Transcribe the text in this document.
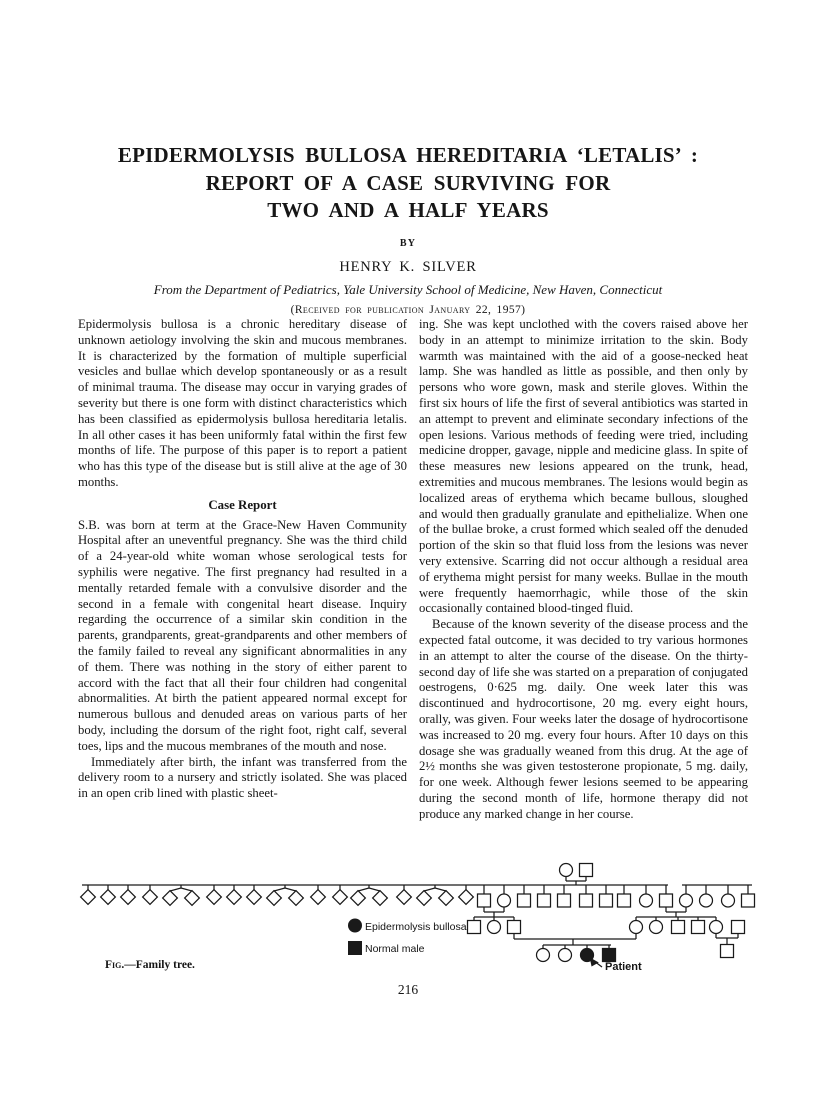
EPIDERMOLYSIS BULLOSA HEREDITARIA ‘LETALIS’ :
REPORT OF A CASE SURVIVING FOR
TWO AND A HALF YEARS
BY
HENRY K. SILVER
From the Department of Pediatrics, Yale University School of Medicine, New Haven, Connecticut
(Received for publication January 22, 1957)

Epidermolysis bullosa is a chronic hereditary disease of unknown aetiology involving the skin and mucous membranes. It is characterized by the formation of multiple superficial vesicles and bullae which develop spontaneously or as a result of minimal trauma. The disease may occur in varying grades of severity but there is one form with distinct characteristics which has been classified as epidermolysis bullosa hereditaria letalis. In all other cases it has been uniformly fatal within the first few months of life. The purpose of this paper is to report a patient who has this type of the disease but is still alive at the age of 30 months.

Case Report

S.B. was born at term at the Grace-New Haven Community Hospital after an uneventful pregnancy. She was the third child of a 24-year-old white woman whose serological tests for syphilis were negative. The first pregnancy had resulted in a mentally retarded female with a convulsive disorder and the second in a female with congenital heart disease. Inquiry regarding the occurrence of a similar skin condition in the parents, grandparents, great-grandparents and other members of the family failed to reveal any significant abnormalities in any of them. There was nothing in the story of either parent to accord with the fact that all their four children had congenital abnormalities. At birth the patient appeared normal except for numerous bullous and denuded areas on various parts of her body, including the dorsum of the right foot, right calf, several toes, lips and the mucous membranes of the mouth and nose.

Immediately after birth, the infant was transferred from the delivery room to a nursery and strictly isolated. She was placed in an open crib lined with plastic sheet-

ing. She was kept unclothed with the covers raised above her body in an attempt to minimize irritation to the skin. Body warmth was maintained with the aid of a goose-necked heat lamp. She was handled as little as possible, and then only by persons who wore gown, mask and sterile gloves. Within the first six hours of life the first of several antibiotics was started in an attempt to prevent and eliminate secondary infections of the open lesions. Various methods of feeding were tried, including medicine dropper, gavage, nipple and medicine glass. In spite of these measures new lesions appeared on the trunk, head, extremities and mucous membranes. The lesions would begin as localized areas of erythema which became bullous, sloughed and would then gradually granulate and epithelialize. When one of the bullae broke, a crust formed which sealed off the denuded portion of the skin so that fluid loss from the lesions was never very extensive. Scarring did not occur although a residual area of erythema might persist for many weeks. Bullae in the mouth were frequently haemorrhagic, while those of the skin occasionally contained blood-tinged fluid.

Because of the known severity of the disease process and the expected fatal outcome, it was decided to try various hormones in an attempt to alter the course of the disease. On the thirty-second day of life she was started on a preparation of conjugated oestrogens, 0·625 mg. daily. One week later this was discontinued and hydrocortisone, 20 mg. every eight hours, orally, was given. Four weeks later the dosage of hydrocortisone was increased to 20 mg. every four hours. After 10 days on this dosage she was gradually weaned from this drug. At the age of 2½ months she was given testosterone propionate, 5 mg. daily, for one week. Although fewer lesions seemed to be appearing during the second month of life, hormone therapy did not produce any marked change in her course.

Epidermolysis bullosa
Normal male
Patient
Fig.—Family tree.
216
